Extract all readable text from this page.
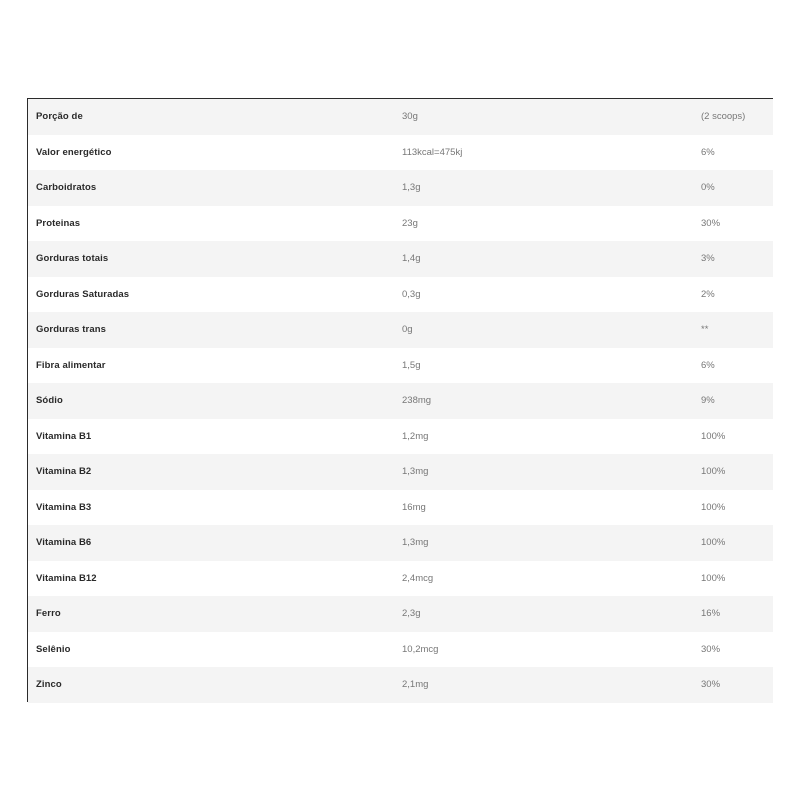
Porção de	30g	(2 scoops)
Valor energético	113kcal=475kj	6%
Carboidratos	1,3g	0%
Proteinas	23g	30%
Gorduras totais	1,4g	3%
Gorduras Saturadas	0,3g	2%
Gorduras trans	0g	**
Fibra alimentar	1,5g	6%
Sódio	238mg	9%
Vitamina B1	1,2mg	100%
Vitamina B2	1,3mg	100%
Vitamina B3	16mg	100%
Vitamina B6	1,3mg	100%
Vitamina B12	2,4mcg	100%
Ferro	2,3g	16%
Selênio	10,2mcg	30%
Zinco	2,1mg	30%
